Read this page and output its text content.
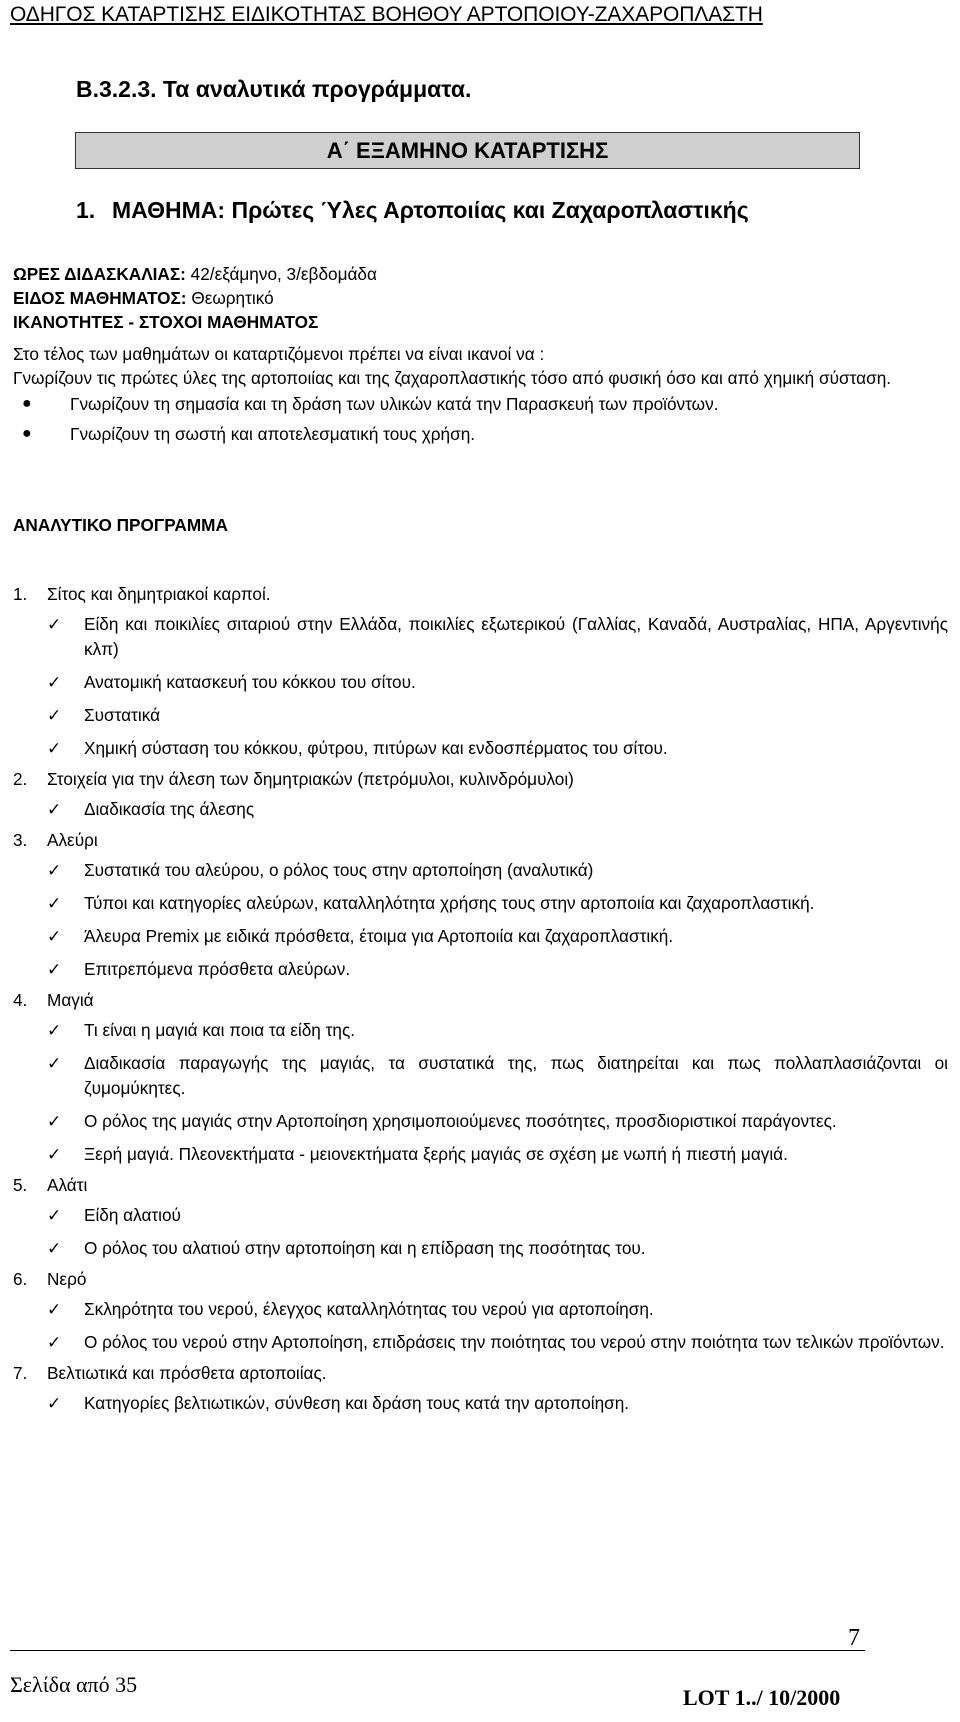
ΟΔΗΓΟΣ ΚΑΤΑΡΤΙΣΗΣ ΕΙΔΙΚΟΤΗΤΑΣ ΒΟΗΘΟΥ ΑΡΤΟΠΟΙΟΥ-ΖΑΧΑΡΟΠΛΑΣΤΗ
Β.3.2.3. Τα αναλυτικά προγράμματα.
Α΄ ΕΞΑΜΗΝΟ ΚΑΤΑΡΤΙΣΗΣ
1. ΜΑΘΗΜΑ: Πρώτες Ύλες Αρτοποιίας και Ζαχαροπλαστικής

ΩΡΕΣ ΔΙΔΑΣΚΑΛΙΑΣ: 42/εξάμηνο, 3/εβδομάδα

ΕΙΔΟΣ ΜΑΘΗΜΑΤΟΣ: Θεωρητικό

ΙΚΑΝΟΤΗΤΕΣ - ΣΤΟΧΟΙ ΜΑΘΗΜΑΤΟΣ

Στο τέλος των μαθημάτων οι καταρτιζόμενοι πρέπει να είναι ικανοί να :

Γνωρίζουν τις πρώτες ύλες της αρτοποιίας και της ζαχαροπλαστικής τόσο από φυσική όσο και από χημική σύσταση.

● Γνωρίζουν τη σημασία και τη δράση των υλικών κατά την Παρασκευή των προϊόντων.
● Γνωρίζουν τη σωστή και αποτελεσματική τους χρήση.
ΑΝΑΛΥΤΙΚΟ ΠΡΟΓΡΑΜΜΑ
1. Σίτος και δημητριακοί καρποί.
✓ Είδη και ποικιλίες σιταριού στην Ελλάδα, ποικιλίες εξωτερικού (Γαλλίας, Καναδά, Αυστραλίας, ΗΠΑ, Αργεντινής κλπ)
✓ Ανατομική κατασκευή του κόκκου του σίτου.
✓ Συστατικά
✓ Χημική σύσταση του κόκκου, φύτρου, πιτύρων και ενδοσπέρματος του σίτου.
2. Στοιχεία για την άλεση των δημητριακών (πετρόμυλοι, κυλινδρόμυλοι)
✓ Διαδικασία της άλεσης
3. Αλεύρι
✓ Συστατικά του αλεύρου, ο ρόλος τους στην αρτοποίηση (αναλυτικά)
✓ Τύποι και κατηγορίες αλεύρων, καταλληλότητα χρήσης τους στην αρτοποιία και ζαχαροπλαστική.
✓ Άλευρα Premix με ειδικά πρόσθετα, έτοιμα για Αρτοποιία και ζαχαροπλαστική.
✓ Επιτρεπόμενα πρόσθετα αλεύρων.
4. Μαγιά
✓ Τι είναι η μαγιά και ποια τα είδη της.
✓ Διαδικασία παραγωγής της μαγιάς, τα συστατικά της, πως διατηρείται και πως πολλαπλασιάζονται οι ζυμομύκητες.
✓ Ο ρόλος της μαγιάς στην Αρτοποίηση χρησιμοποιούμενες ποσότητες, προσδιοριστικοί παράγοντες.
✓ Ξερή μαγιά. Πλεονεκτήματα - μειονεκτήματα ξερής μαγιάς σε σχέση με νωπή ή πιεστή μαγιά.
5. Αλάτι
✓ Είδη αλατιού
✓ Ο ρόλος του αλατιού στην αρτοποίηση και η επίδραση της ποσότητας του.
6. Νερό
✓ Σκληρότητα του νερού, έλεγχος καταλληλότητας του νερού για αρτοποίηση.
✓ Ο ρόλος του νερού στην Αρτοποίηση, επιδράσεις την ποιότητας του νερού στην ποιότητα των τελικών προϊόντων.
7. Βελτιωτικά και πρόσθετα αρτοποιίας.
✓ Κατηγορίες βελτιωτικών, σύνθεση και δράση τους κατά την αρτοποίηση.
7
Σελίδα από 35
LOT 1../ 10/2000
